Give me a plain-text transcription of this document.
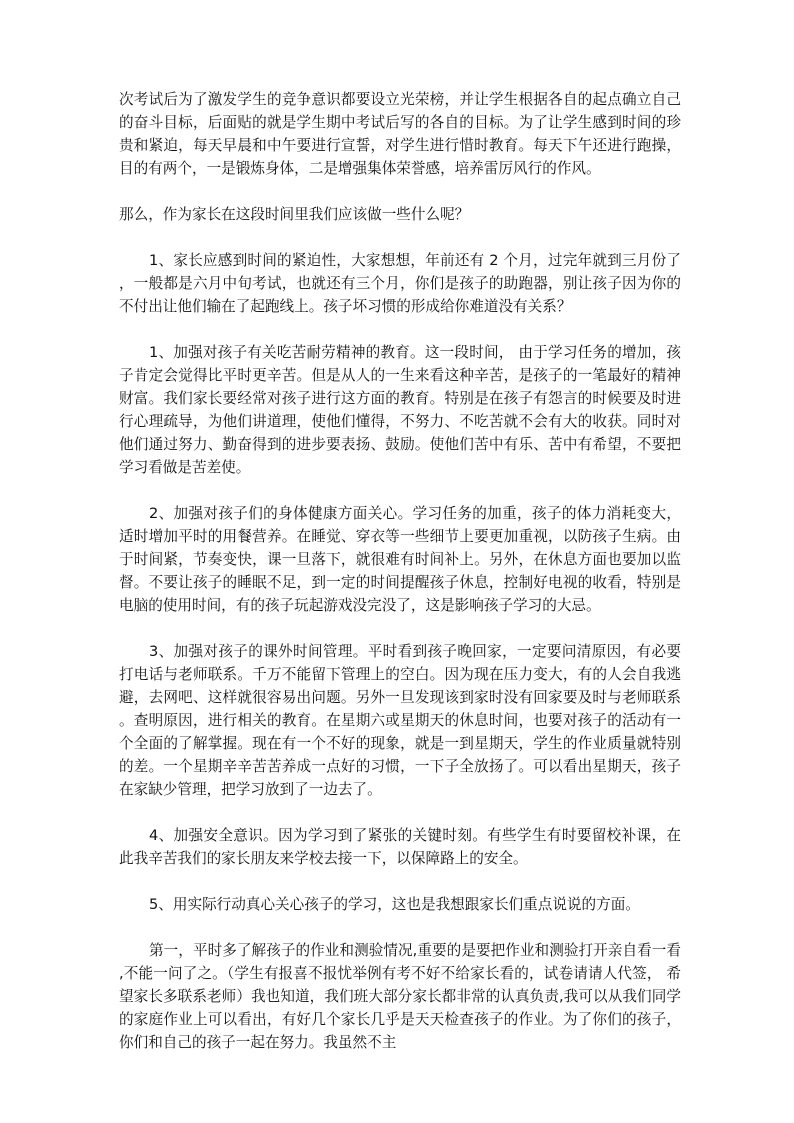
次考试后为了激发学生的竞争意识都要设立光荣榜，并让学生根据各自的起点确立自己的奋斗目标，后面贴的就是学生期中考试后写的各自的目标。为了让学生感到时间的珍贵和紧迫，每天早晨和中午要进行宣誓，对学生进行惜时教育。每天下午还进行跑操，目的有两个，一是锻炼身体，二是增强集体荣誉感，培养雷厉风行的作风。

那么，作为家长在这段时间里我们应该做一些什么呢？

1、家长应感到时间的紧迫性，大家想想，年前还有 2 个月，过完年就到三月份了，一般都是六月中旬考试，也就还有三个月，你们是孩子的助跑器，别让孩子因为你的不付出让他们输在了起跑线上。孩子坏习惯的形成给你难道没有关系？

1、加强对孩子有关吃苦耐劳精神的教育。这一段时间， 由于学习任务的增加，孩子肯定会觉得比平时更辛苦。但是从人的一生来看这种辛苦，是孩子的一笔最好的精神财富。我们家长要经常对孩子进行这方面的教育。特别是在孩子有怨言的时候要及时进行心理疏导，为他们讲道理，使他们懂得，不努力、不吃苦就不会有大的收获。同时对他们通过努力、勤奋得到的进步要表扬、鼓励。使他们苦中有乐、苦中有希望，不要把学习看做是苦差使。

2、加强对孩子们的身体健康方面关心。学习任务的加重，孩子的体力消耗变大，适时增加平时的用餐营养。在睡觉、穿衣等一些细节上要更加重视，以防孩子生病。由于时间紧，节奏变快，课一旦落下，就很难有时间补上。另外，在休息方面也要加以监督。不要让孩子的睡眠不足，到一定的时间提醒孩子休息，控制好电视的收看，特别是电脑的使用时间，有的孩子玩起游戏没完没了，这是影响孩子学习的大忌。

3、加强对孩子的课外时间管理。平时看到孩子晚回家，一定要问清原因，有必要打电话与老师联系。千万不能留下管理上的空白。因为现在压力变大，有的人会自我逃避，去网吧、这样就很容易出问题。另外一旦发现该到家时没有回家要及时与老师联系。查明原因，进行相关的教育。在星期六或星期天的休息时间，也要对孩子的活动有一个全面的了解掌握。现在有一个不好的现象，就是一到星期天，学生的作业质量就特别的差。一个星期辛辛苦苦养成一点好的习惯，一下子全放扬了。可以看出星期天，孩子在家缺少管理，把学习放到了一边去了。

4、加强安全意识。因为学习到了紧张的关键时刻。有些学生有时要留校补课，在此我辛苦我们的家长朋友来学校去接一下，以保障路上的安全。

5、用实际行动真心关心孩子的学习，这也是我想跟家长们重点说说的方面。

第一，平时多了解孩子的作业和测验情况,重要的是要把作业和测验打开亲自看一看,不能一问了之。（学生有报喜不报忧举例有考不好不给家长看的，试卷请请人代签， 希望家长多联系老师）我也知道，我们班大部分家长都非常的认真负责,我可以从我们同学的家庭作业上可以看出，有好几个家长几乎是天天检查孩子的作业。为了你们的孩子，你们和自己的孩子一起在努力。我虽然不主
